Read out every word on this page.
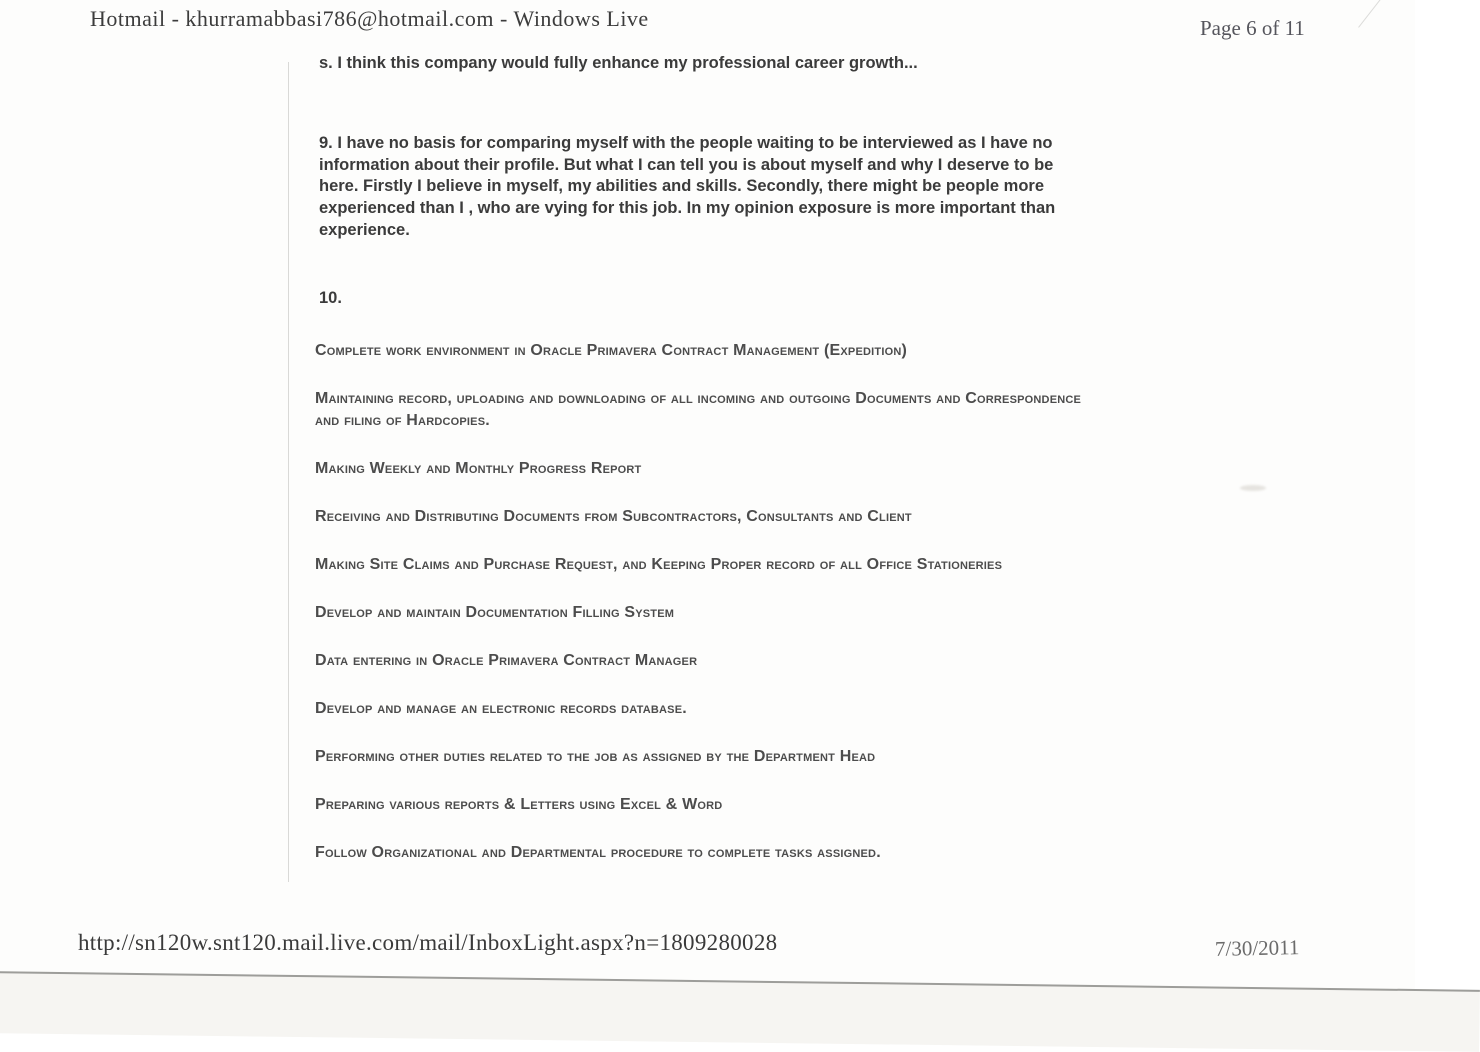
Hotmail - khurramabbasi786@hotmail.com - Windows Live	Page 6 of 11
s. I think this company would fully enhance my professional career growth...
9. I have no basis for comparing myself with the people waiting to be interviewed as I have no information about their profile. But what I can tell you is about myself and why I deserve to be here. Firstly I believe in myself, my abilities and skills. Secondly, there might be people more experienced than I , who are vying for this job. In my opinion exposure is more important than experience.
10.

Complete work environment in Oracle Primavera Contract Management (Expedition)

Maintaining record, uploading and downloading of all incoming and outgoing Documents and Correspondence and filing of Hardcopies.

Making Weekly and Monthly Progress Report

Receiving and Distributing Documents from Subcontractors, Consultants and Client

Making Site Claims and Purchase Request, and Keeping Proper record of all Office Stationeries

Develop and maintain Documentation Filling System

Data entering in Oracle Primavera Contract Manager

Develop and manage an electronic records database.

Performing other duties related to the job as assigned by the Department Head

Preparing various reports & Letters using Excel & Word

Follow Organizational and Departmental procedure to complete tasks assigned.

http://sn120w.snt120.mail.live.com/mail/InboxLight.aspx?n=1809280028	7/30/2011
